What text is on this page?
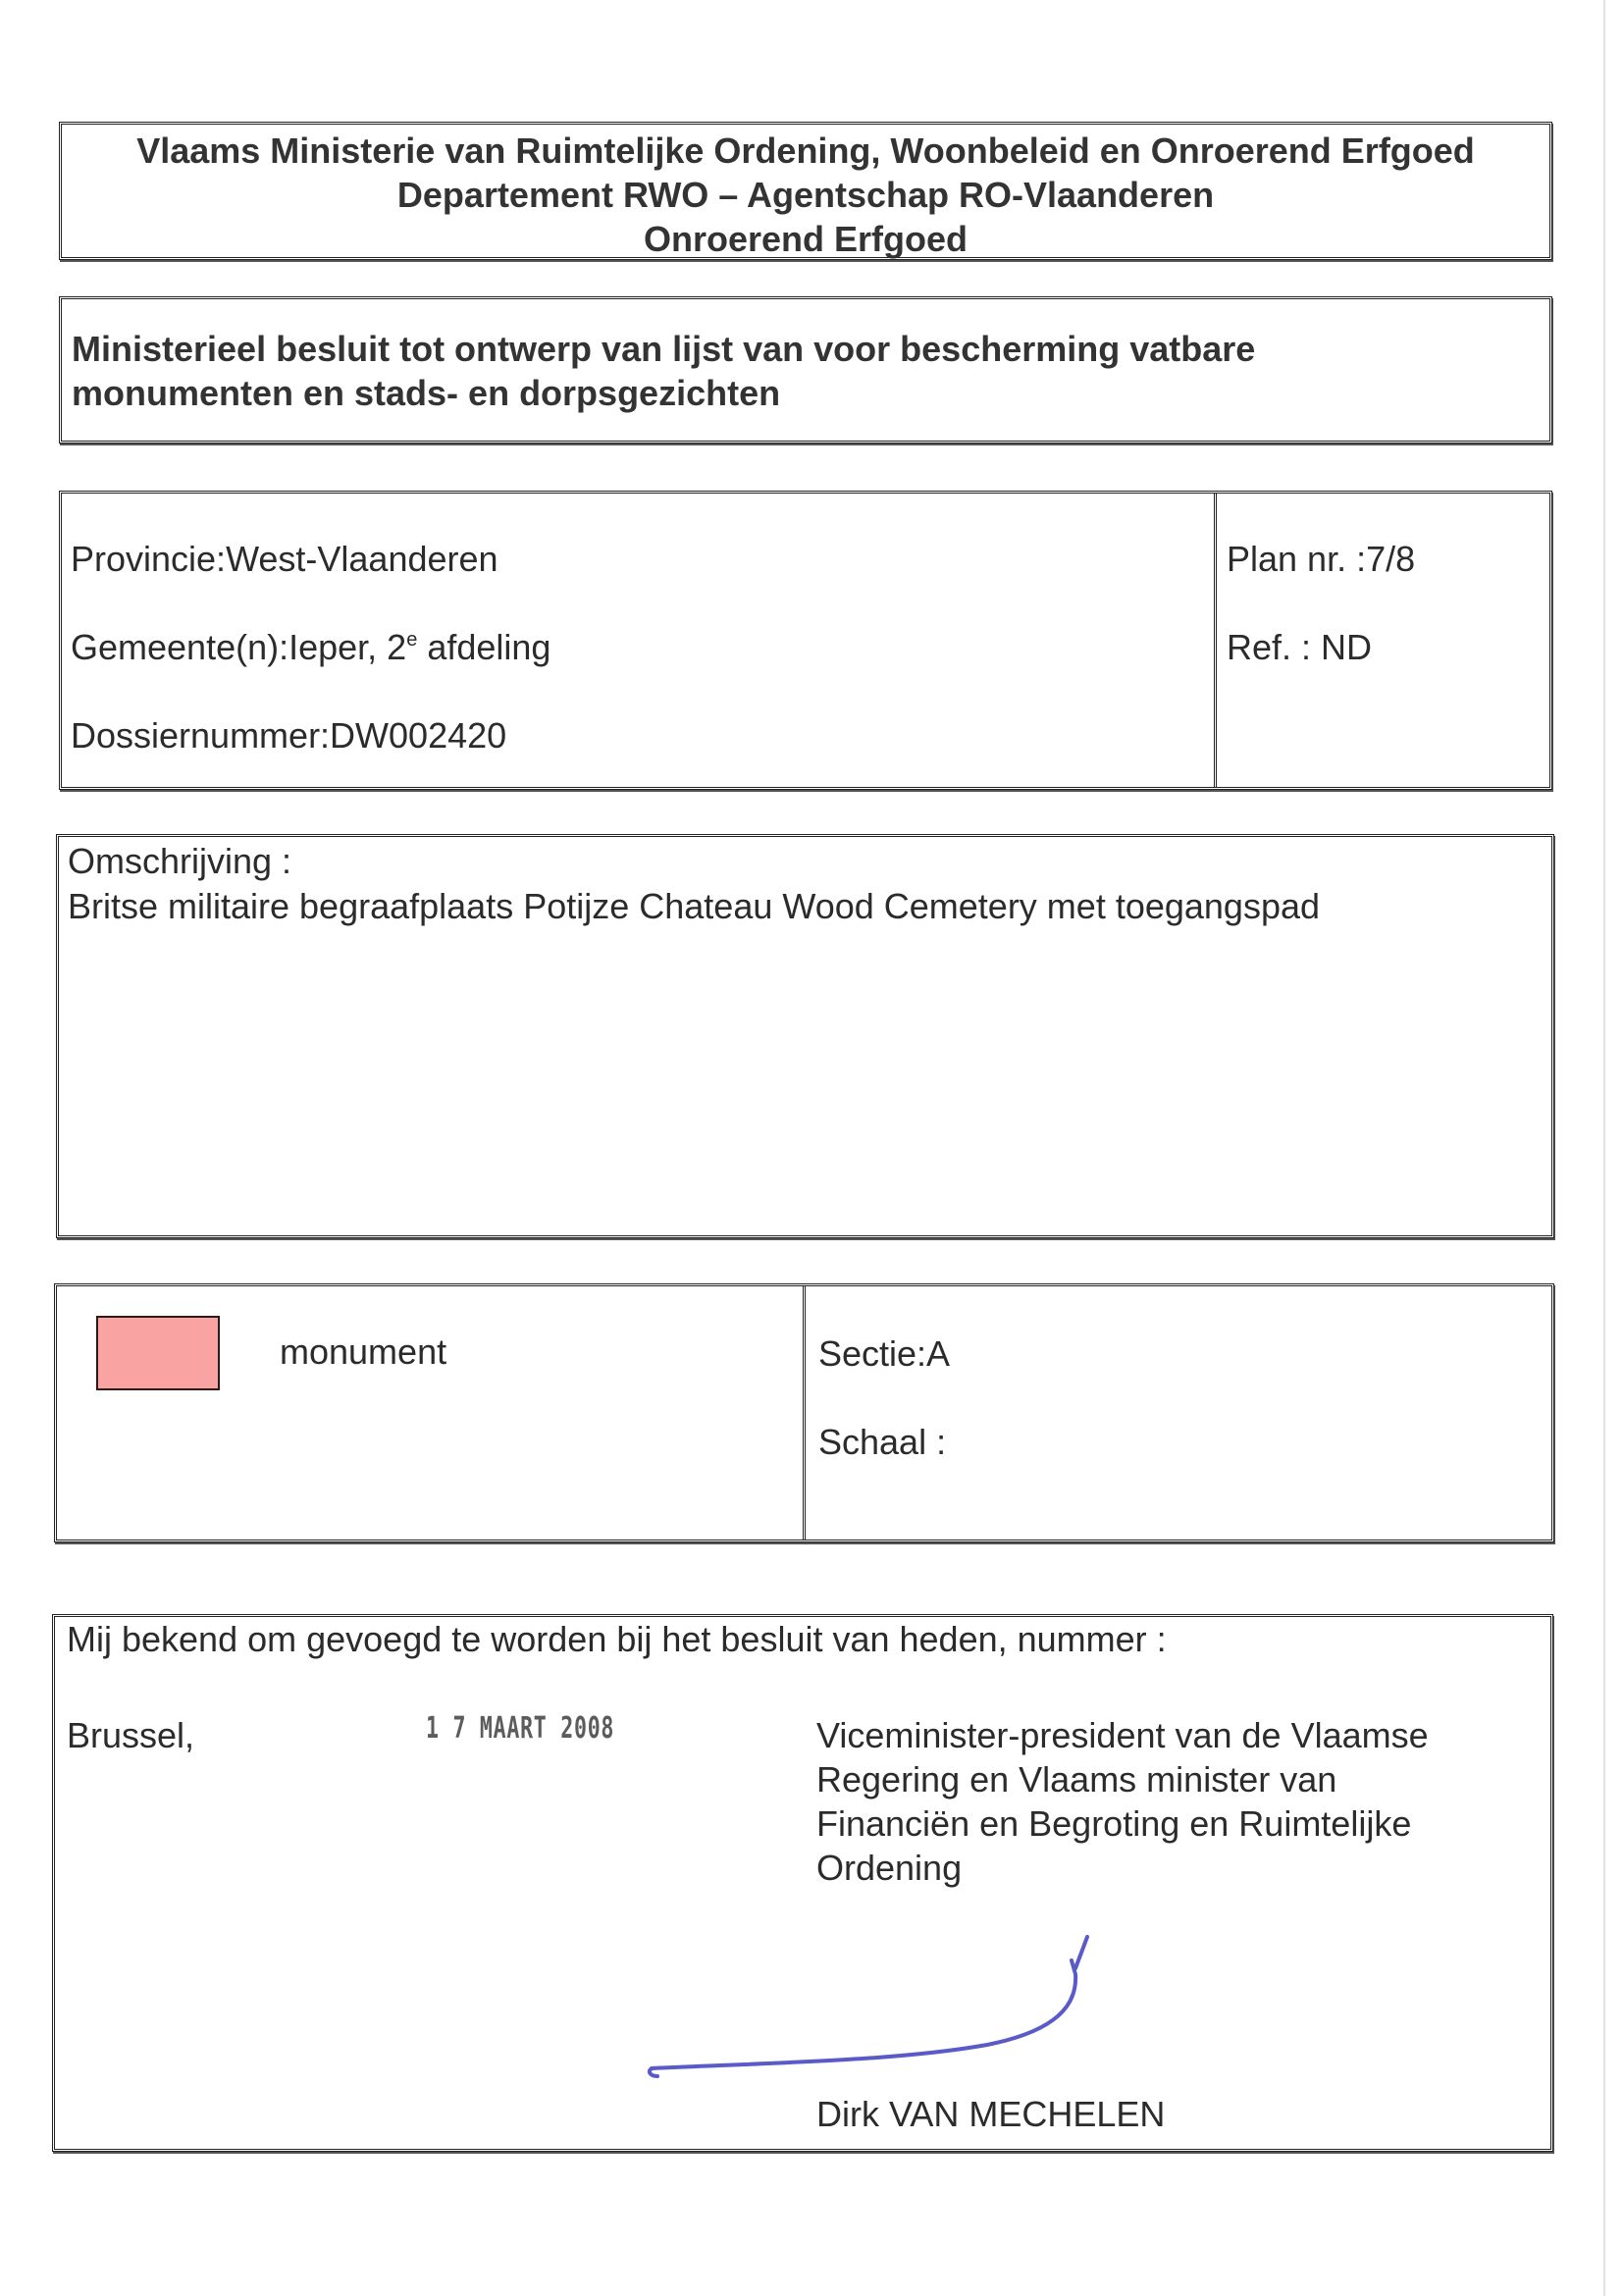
Vlaams Ministerie van Ruimtelijke Ordening, Woonbeleid en Onroerend Erfgoed
Departement RWO – Agentschap RO-Vlaanderen
Onroerend Erfgoed
Ministerieel besluit tot ontwerp van lijst van voor bescherming vatbare
monumenten en stads- en dorpsgezichten
Provincie:West-Vlaanderen
Gemeente(n):Ieper, 2e afdeling
Dossiernummer:DW002420
Plan nr. :7/8
Ref. : ND
Omschrijving :
Britse militaire begraafplaats Potijze Chateau Wood Cemetery met toegangspad
monument	Sectie:A
Schaal :
Mij bekend om gevoegd te worden bij het besluit van heden, nummer :
Brussel,	1 7 MAART 2008	Viceminister-president van de Vlaamse
Regering en Vlaams minister van
Financiën en Begroting en Ruimtelijke
Ordening
Dirk VAN MECHELEN
